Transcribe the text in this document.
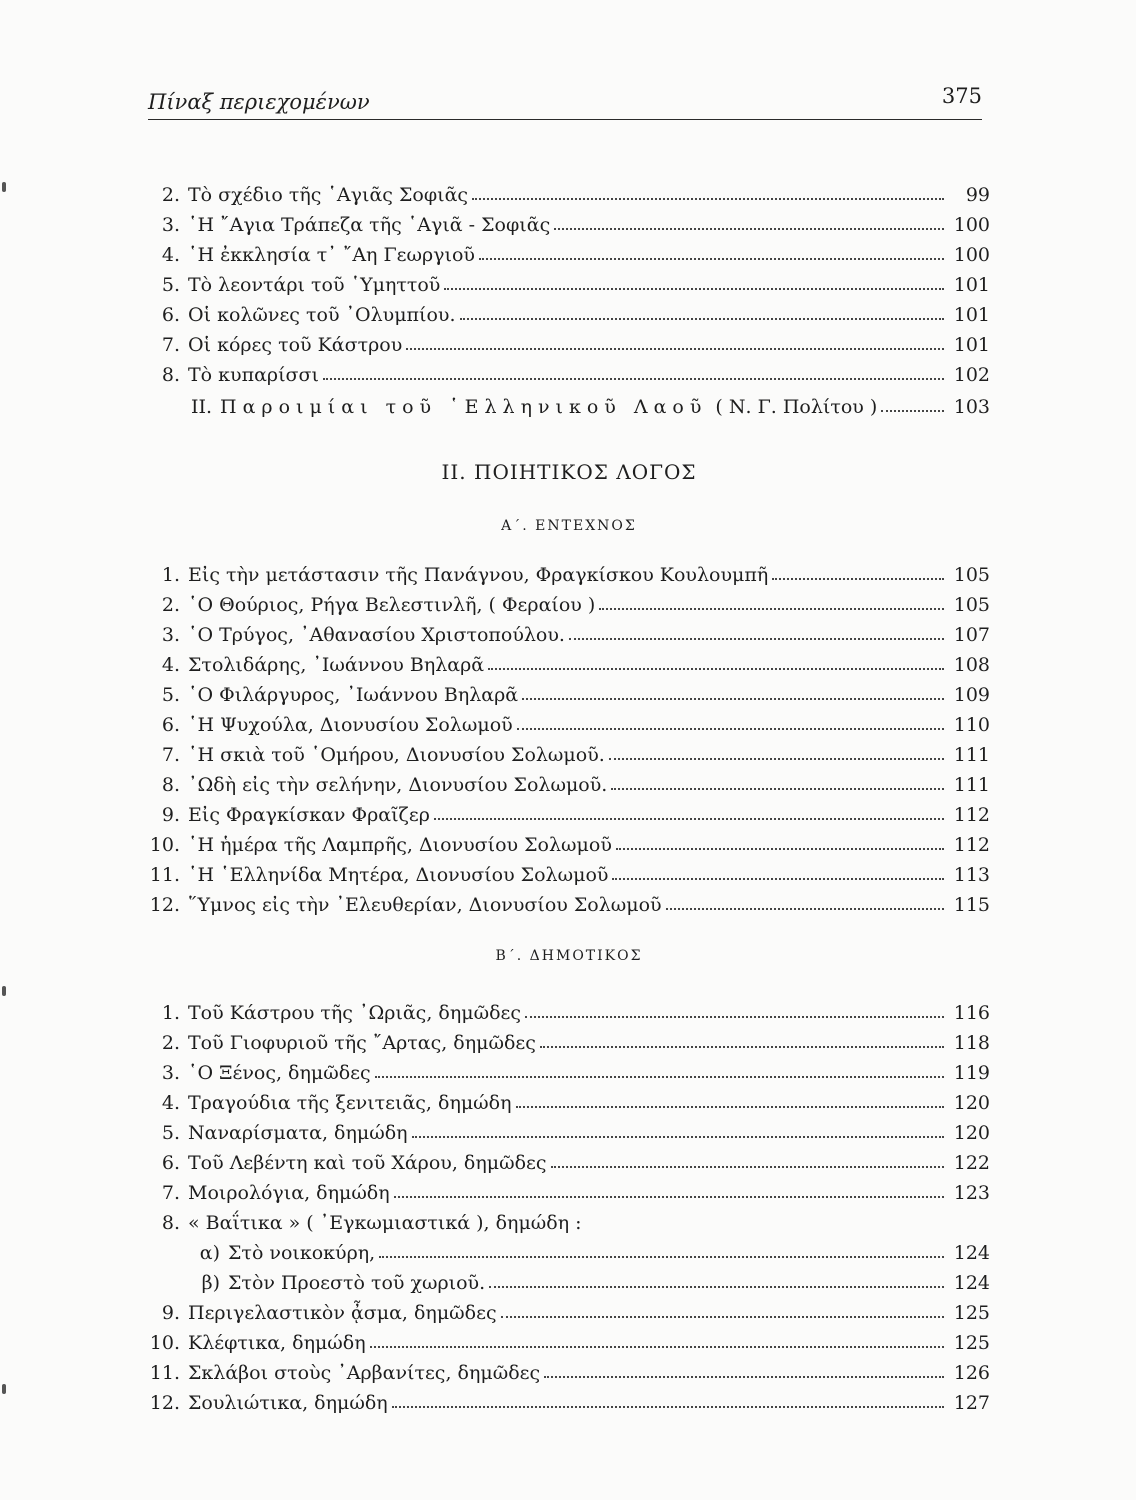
Πίναξ περιεχομένων	375
2. Τὸ σχέδιο τῆς ῾Αγιᾶς Σοφιᾶς	99
3. ῾Η ῎Αγια Τράπεζα τῆς ῾Αγιᾶ - Σοφιᾶς	100
4. ῾Η ἐκκλησία τ᾽ ῎Αη Γεωργιοῦ	100
5. Τὸ λεοντάρι τοῦ ῾Υμηττοῦ	101
6. Οἱ κολῶνες τοῦ ᾽Ολυμπίου.	101
7. Οἱ κόρες τοῦ Κάστρου	101
8. Τὸ κυπαρίσσι	102
ΙΙ. Παροιμίαι τοῦ ῾Ελληνικοῦ Λαοῦ ( Ν. Γ. Πολίτου )	103
ΙΙ. ΠΟΙΗΤΙΚΟΣ ΛΟΓΟΣ
Α΄. ΕΝΤΕΧΝΟΣ
1. Εἰς τὴν μετάστασιν τῆς Πανάγνου, Φραγκίσκου Κουλουμπῆ	105
2. ῾Ο Θούριος, Ρήγα Βελεστινλῆ, ( Φεραίου )	105
3. ῾Ο Τρύγος, ᾽Αθανασίου Χριστοπούλου.	107
4. Στολιδάρης, ᾽Ιωάννου Βηλαρᾶ	108
5. ῾Ο Φιλάργυρος, ᾽Ιωάννου Βηλαρᾶ	109
6. ῾Η Ψυχούλα, Διονυσίου Σολωμοῦ	110
7. ῾Η σκιὰ τοῦ ῾Ομήρου, Διονυσίου Σολωμοῦ.	111
8. ᾽Ωδὴ εἰς τὴν σελήνην, Διονυσίου Σολωμοῦ.	111
9. Εἰς Φραγκίσκαν Φραῖζερ	112
10. ῾Η ἡμέρα τῆς Λαμπρῆς, Διονυσίου Σολωμοῦ	112
11. ῾Η ῾Ελληνίδα Μητέρα, Διονυσίου Σολωμοῦ	113
12. ῞Υμνος εἰς τὴν ᾽Ελευθερίαν, Διονυσίου Σολωμοῦ	115
Β΄. ΔΗΜΟΤΙΚΟΣ
1. Τοῦ Κάστρου τῆς ᾽Ωριᾶς, δημῶδες	116
2. Τοῦ Γιοφυριοῦ τῆς ῎Αρτας, δημῶδες	118
3. ῾Ο Ξένος, δημῶδες	119
4. Τραγούδια τῆς ξενιτειᾶς, δημώδη	120
5. Ναναρίσματα, δημώδη	120
6. Τοῦ Λεβέντη καὶ τοῦ Χάρου, δημῶδες	122
7. Μοιρολόγια, δημώδη	123
8. « Βαΐτικα » ( ᾽Εγκωμιαστικά ), δημώδη :
α) Στὸ νοικοκύρη,	124
β) Στὸν Προεστὸ τοῦ χωριοῦ.	124
9. Περιγελαστικὸν ᾆσμα, δημῶδες	125
10. Κλέφτικα, δημώδη	125
11. Σκλάβοι στοὺς ᾽Αρβανίτες, δημῶδες	126
12. Σουλιώτικα, δημώδη	127
